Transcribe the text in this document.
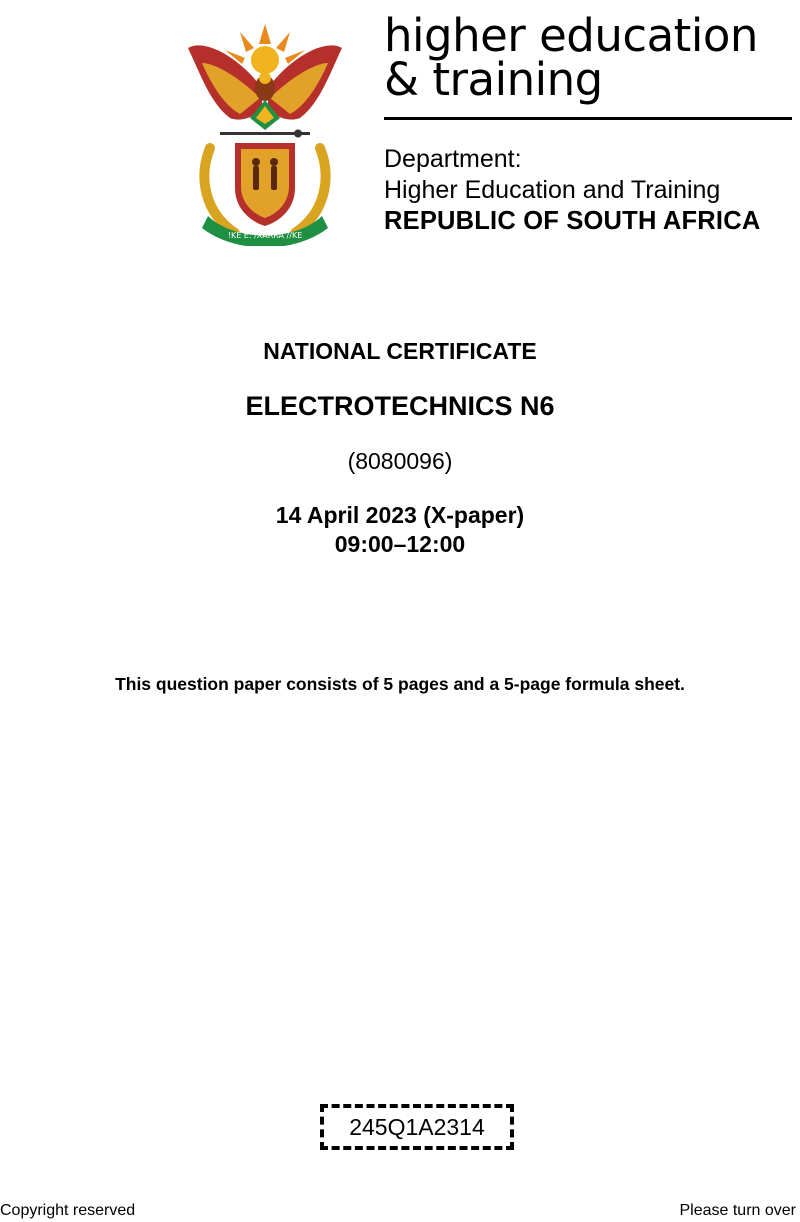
!KE E: /XARRA //KE
higher education
& training
Department:
Higher Education and Training
REPUBLIC OF SOUTH AFRICA
NATIONAL CERTIFICATE
ELECTROTECHNICS N6
(8080096)
14 April 2023 (X-paper)
09:00–12:00
This question paper consists of 5 pages and a 5-page formula sheet.
245Q1A2314
Copyright reserved	Please turn over
